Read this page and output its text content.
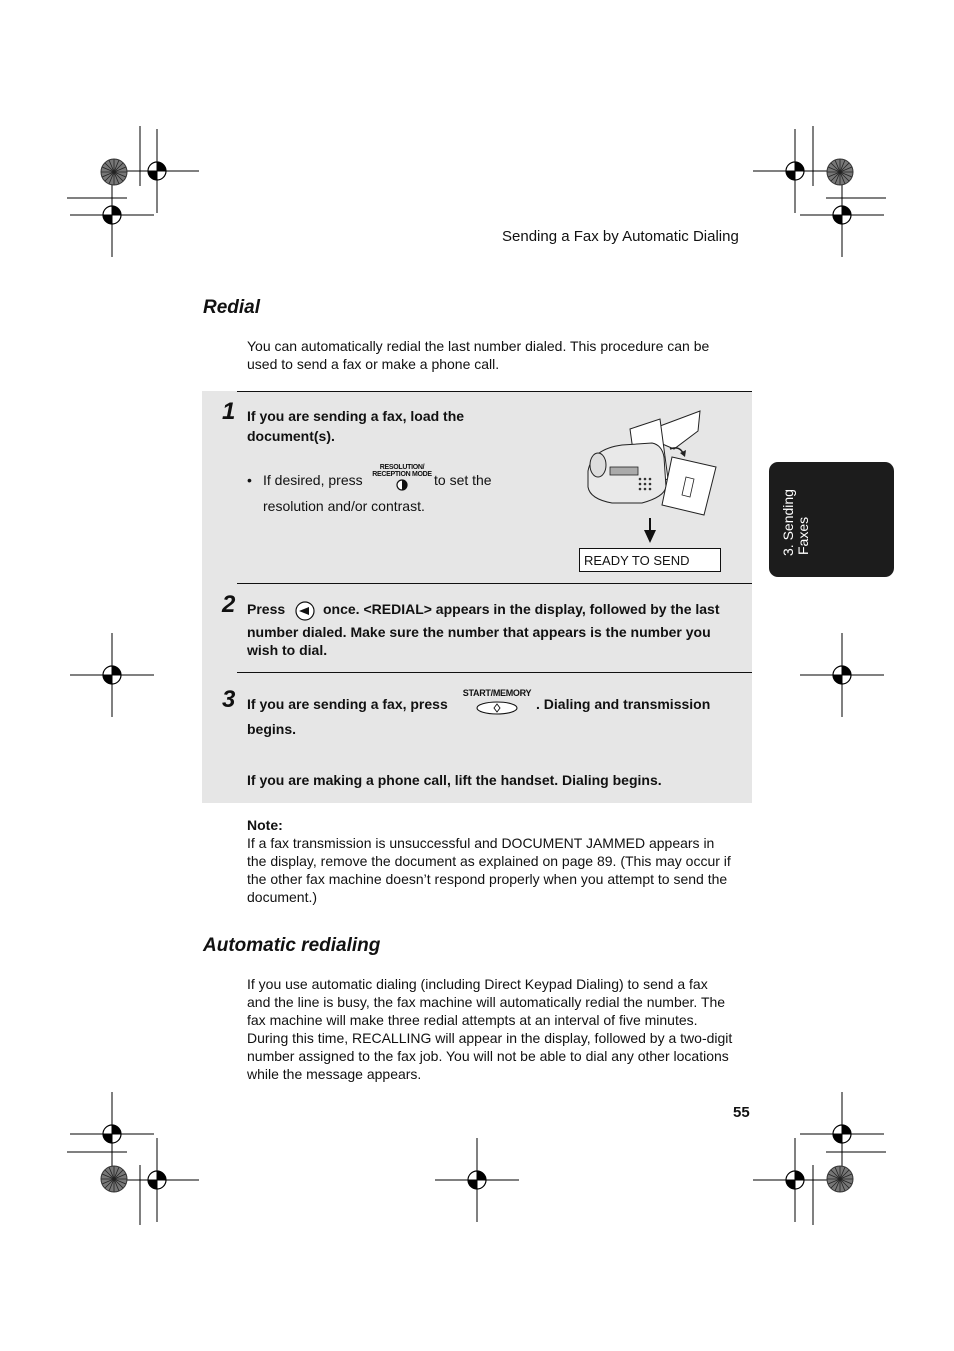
Sending a Fax by Automatic Dialing
3. Sending Faxes
Redial
You can automatically redial the last number dialed. This procedure can be
used to send a fax or make a phone call.
1 If you are sending a fax, load the
document(s).
• If desired, press	to set the
resolution and/or contrast.
RESOLUTION/
RECEPTION MODE
READY TO SEND
2 Press	once. <REDIAL> appears in the display, followed by the last
number dialed. Make sure the number that appears is the number you
wish to dial.
3 If you are sending a fax, press
START/MEMORY
. Dialing and transmission
begins.
If you are making a phone call, lift the handset. Dialing begins.
Note:
If a fax transmission is unsuccessful and DOCUMENT JAMMED appears in
the display, remove the document as explained on page 89. (This may occur if
the other fax machine doesn’t respond properly when you attempt to send the
document.)
Automatic redialing
If you use automatic dialing (including Direct Keypad Dialing) to send a fax
and the line is busy, the fax machine will automatically redial the number. The
fax machine will make three redial attempts at an interval of five minutes.
During this time, RECALLING will appear in the display, followed by a two-digit
number assigned to the fax job. You will not be able to dial any other locations
while the message appears.
55
